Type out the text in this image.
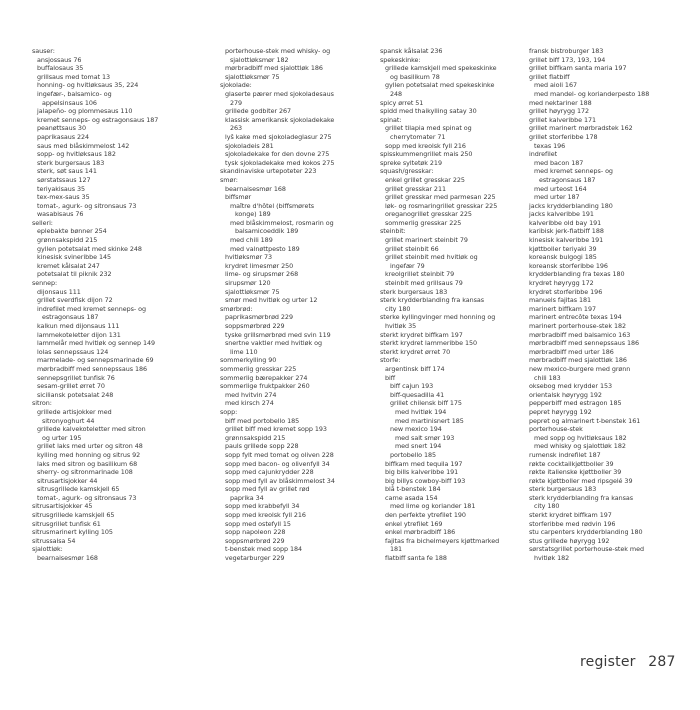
sauser:
ansjossaus 76
buffalosaus 35
grillsaus med tomat 13
honning- og hvitløksaus 35, 224
ingefær-, balsamico- og
appelsinsaus 106
jalapeño- og plommesaus 110
kremet sennеps- og estragonsaus 187
peanøttsaus 30
paprikasaus 224
saus med blåskimmelost 142
sopp- og hvitløksaus 182
sterk burgersaus 183
sterk, søt saus 141
sørstatssaus 127
teriyakisaus 35
tex-mex-saus 35
tomat-, agurk- og sitronsaus 73
wasabisaus 76
selleri:
eplebakte bønner 254
grønnsakspidd 215
gyllen potetsalat med skinke 248
kinesisk svineribbe 145
kremet kålsalat 247
potetsalat til piknik 232
sennep:
dijonsaus 111
grillet sverdfisk dijon 72
indrefilet med kremet sennеps- og
estragonsaus 187
kalkun med dijonsaus 111
lammekoteletter dijon 131
lammelår med hvitløk og sennep 149
lolas sennepssaus 124
marmelade- og sennepsmarinade 69
mørbradbiff med sennepssaus 186
sennepsgrillet tunfisk 76
sesam-grillet ørret 70
siciliansk potetsalat 248
sitron:
grillede artisjokker med
sitronyoghurt 44
grillede kalvekoteletter med sitron
og urter 195
grillet laks med urter og sitron 48
kylling med honning og sitrus 92
laks med sitron og basilikum 68
sherry- og sitronmarinade 108
sitrusartisjokker 44
sitrusgrillede kamskjell 65
tomat-, agurk- og sitronsaus 73
sitrusartisjokker 45
sitrusgrillede kamskjell 65
sitrusgrillet tunfisk 61
sitrusmarinert kylling 105
sitrussalsa 54
sjalottløk:
bearnaisesmør 168
porterhouse-stek med whisky- og
sjalottløksmør 182
mørbradbiff med sjalottløk 186
sjalottløksmør 75
sjokolade:
glaserte pærer med sjokoladesaus
279
grillede godbiter 267
klassisk amerikansk sjokoladekake
263
lyš kake med sjokoladeglasur 275
sjokoladeis 281
sjokoladekake for den dovne 275
tysk sjokoladekake med kokos 275
skandinaviske urtepoteter 223
smør:
bearnaisesmør 168
biffsmør
maître d'hôtel (biffsmørets
konge) 189
med blåskimmelost, rosmarin og
balsamicoeddik 189
med chili 189
med valnøttpesto 189
hvitløksmør 73
krydret limesmør 250
lime- og sirupsmør 268
sirupsmør 120
sjalottløksmør 75
smør med hvitløk og urter 12
smørbrød:
paprikasmørbrød 229
soppsmørbrød 229
tyske grillsmørbrød med svin 119
snertne vaktler med hvitløk og
lime 110
sommerkylling 90
sommerlig gresskar 225
sommerlig bærepakker 274
sommerlige fruktpakker 260
med hvitvin 274
med kirsch 274
sopp:
biff med portobello 185
grillet biff med kremet sopp 193
grønnsakspidd 215
pauls grillede sopp 228
sopp fylt med tomat og oliven 228
sopp med bacon- og olivenfyll 34
sopp med cajunkrydder 228
sopp med fyll av blåskimmelost 34
sopp med fyll av grillet rød
paprika 34
sopp med krabbefyll 34
sopp med kreolsk fyll 216
sopp med ostefyll 15
sopp napoleon 228
soppsmørbrød 229
t-benstek med sopp 184
vegetarburger 229
spansk kålsalat 236
spekeskinke:
grillede kamskjell med spekeskinke
og basilikum 78
gyllen potetsalat med spekeskinke
248
spicy ørret 51
spidd med thaikylling satay 30
spinat:
grillet tilapia med spinat og
cherrytomater 71
sopp med kreolsk fyll 216
spisskummengrillet mais 250
spreke syltetøk 219
squash/gresskar:
enkel grillet gresskar 225
grillet gresskar 211
grillet gresskar med parmesan 225
løk- og rosmaringrillet gresskar 225
oreganogrillet gresskar 225
sommerlig gresskar 225
steinbit:
grillet marinert steinbit 79
grillet steinbit 66
grillet steinbit med hvitløk og
ingefær 79
kreolgrillet steinbit 79
steinbit med grillsaus 79
sterk burgersaus 183
sterk krydderblanding fra kansas
city 180
sterke kyllingvinger med honning og
hvitløk 35
sterkt krydret biffkam 197
sterkt krydret lammeribbe 150
sterkt krydret ørret 70
storfe:
argentinsk biff 174
biff
biff cajun 193
biff-quesadilla 41
grillet chilensk biff 175
med hvitløk 194
med martinisnert 185
new mexico 194
med salt smør 193
med snert 194
portobello 185
biffkam med tequila 197
big bills kalveribbe 191
big billys cowboy-biff 193
blå t-benstek 184
carne asada 154
med lime og koriander 181
den perfekte ytrefilet 190
enkel ytrefilet 169
enkel mørbradbiff 186
fajitas fra bichelmeyers kjøttmarked
181
flatbiff santa fe 188
fransk bistroburger 183
grillet biff 173, 193, 194
grillet biffkam santa maria 197
grillet flatbiff
med aioli 167
med mandel- og korianderpesto 188
med nektariner 188
grillet høyrygg 172
grillet kalveribbe 171
grillet marinert mørbradstek 162
grillet storferibbe 178
texas 196
indrefilet
med bacon 187
med kremet sennеps- og
estragonsaus 187
med urteost 164
med urter 187
jacks krydderblanding 180
jacks kalveribbe 191
kalveribbe old bay 191
karibisk jerk-flatbiff 188
kinesisk kalveribbe 191
kjøttboller teriyaki 39
koreansk bulgogi 185
koreansk storferibbe 196
krydderblanding fra texas 180
krydret høyrygg 172
krydret storferibbe 196
manuels fajitas 181
marinert biffkam 197
marinert entrecôte texas 194
marinert porterhouse-stek 182
mørbradbiff med balsamico 163
mørbradbiff med sennepssaus 186
mørbradbiff med urter 186
mørbradbiff med sjalottløk 186
new mexico-burgere med grønn
chili 183
oksebog med krydder 153
orientalsk høyrygg 192
pepperbiff med estragon 185
pepret høyrygg 192
pepret og almarinert t-benstek 161
porterhouse-stek
med sopp og hvitløksaus 182
med whisky og sjalottløk 182
rumensk indrefilet 187
røkte cocktailkjøttboller 39
røkte italienske kjøttboller 39
røkte kjøttboller med ripsgelé 39
sterk burgersaus 183
sterk krydderblanding fra kansas
city 180
sterkt krydret biffkam 197
storferibbe med rødvin 196
stu carpenters krydderblanding 180
stus grillede høyrygg 192
sørstatsgrillet porterhouse-stek med
hvitløk 182
register 287
